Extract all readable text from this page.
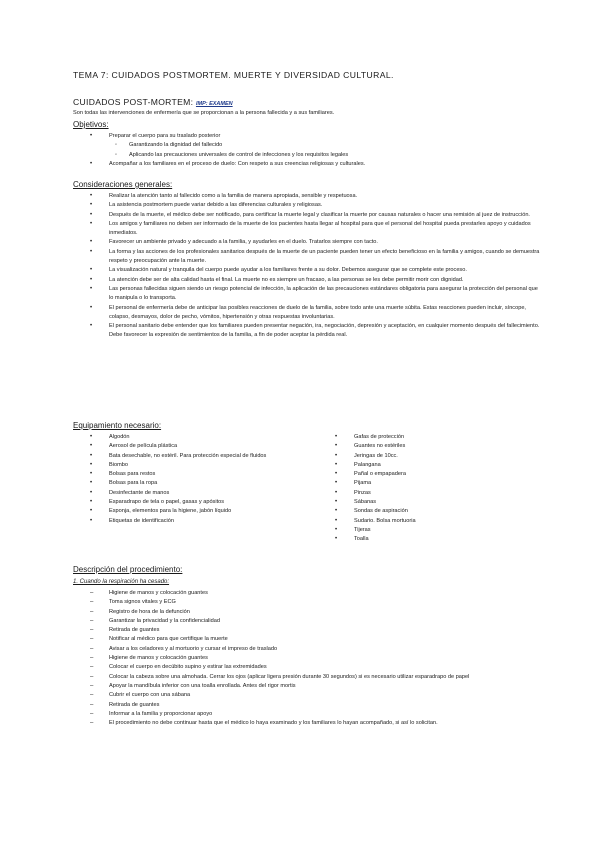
TEMA 7: CUIDADOS POSTMORTEM. MUERTE Y DIVERSIDAD CULTURAL.
CUIDADOS POST-MORTEM: IMP: EXAMEN
Son todas las intervenciones de enfermería que se proporcionan a la persona fallecida y a sus familiares.
Objetivos:
• Preparar el cuerpo para su traslado posterior
◦ Garantizando la dignidad del fallecido
◦ Aplicando las precauciones universales de control de infecciones y los requisitos legales
• Acompañar a los familiares en el proceso de duelo: Con respeto a sus creencias religiosas y culturales.
Consideraciones generales:
• Realizar la atención tanto al fallecido como a la familia de manera apropiada, sensible y respetuosa.
• La asistencia postmortem puede variar debido a las diferencias culturales y religiosas.
• Después de la muerte, el médico debe ser notificado, para certificar la muerte legal y clasificar la muerte por causas naturales o hacer una remisión al juez de instrucción.
• Los amigos y familiares no deben ser informado de la muerte de los pacientes hasta llegar al hospital para que el personal del hospital pueda prestarles apoyo y cuidados inmediatos.
• Favorecer un ambiente privado y adecuado a la familia, y ayudarles en el duelo. Tratarlos siempre con tacto.
• La forma y las acciones de los profesionales sanitarios después de la muerte de un paciente pueden tener un efecto beneficioso en la familia y amigos, cuando se demuestra respeto y preocupación ante la muerte.
• La visualización natural y tranquila del cuerpo puede ayudar a los familiares frente a su dolor. Debemos asegurar que se complete este proceso.
• La atención debe ser de alta calidad hasta el final. La muerte no es siempre un fracaso, a las personas se les debe permitir morir con dignidad.
• Las personas fallecidas siguen siendo un riesgo potencial de infección, la aplicación de las precauciones estándares obligatoria para asegurar la protección del personal que lo manipula o lo transporta.
• El personal de enfermería debe de anticipar las posibles reacciones de duelo de la familia, sobre todo ante una muerte súbita. Estas reacciones pueden incluir, síncope, colapso, desmayos, dolor de pecho, vómitos, hipertensión y otras respuestas involuntarias.
• El personal sanitario debe entender que los familiares pueden presentar negación, ira, negociación, depresión y aceptación, en cualquier momento después del fallecimiento. Debe favorecer la expresión de sentimientos de la familia, a fin de poder aceptar la pérdida real.
Equipamiento necesario:
• Algodón
• Aerosol de película plástica
• Bata desechable, no estéril. Para protección especial de fluidos
• Biombo
• Bolsas para restos
• Bolsas para la ropa
• Desinfectante de manos
• Esparadrapo de tela o papel, gasas y apósitos
• Esponja, elementos para la higiene, jabón líquido
• Etiquetas de identificación
• Gafas de protección
• Guantes no estériles
• Jeringas de 10cc.
• Palangana
• Pañal o empapadera
• Pijama
• Pinzas
• Sábanas
• Sondas de aspiración
• Sudario. Bolsa mortuoria
• Tijeras
• Toalla
Descripción del procedimiento:
1. Cuando la respiración ha cesado:
– Higiene de manos y colocación guantes
– Toma signos vitales y ECG
– Registro de hora de la defunción
– Garantizar la privacidad y la confidencialidad
– Retirada de guantes
– Notificar al médico para que certifique la muerte
– Avisar a los celadores y al mortuorio y cursar el impreso de traslado
– Higiene de manos y colocación guantes
– Colocar el cuerpo en decúbito supino y estirar las extremidades
– Colocar la cabeza sobre una almohada. Cerrar los ojos (aplicar ligera presión durante 30 segundos) si es necesario utilizar esparadrapo de papel
– Apoyar la mandíbula inferior con una toalla enrollada. Antes del rigor mortis
– Cubrir el cuerpo con una sábana
– Retirada de guantes
– Informar a la familia y proporcionar apoyo
– El procedimiento no debe continuar hasta que el médico lo haya examinado y los familiares lo hayan acompañado, si así lo solicitan.
